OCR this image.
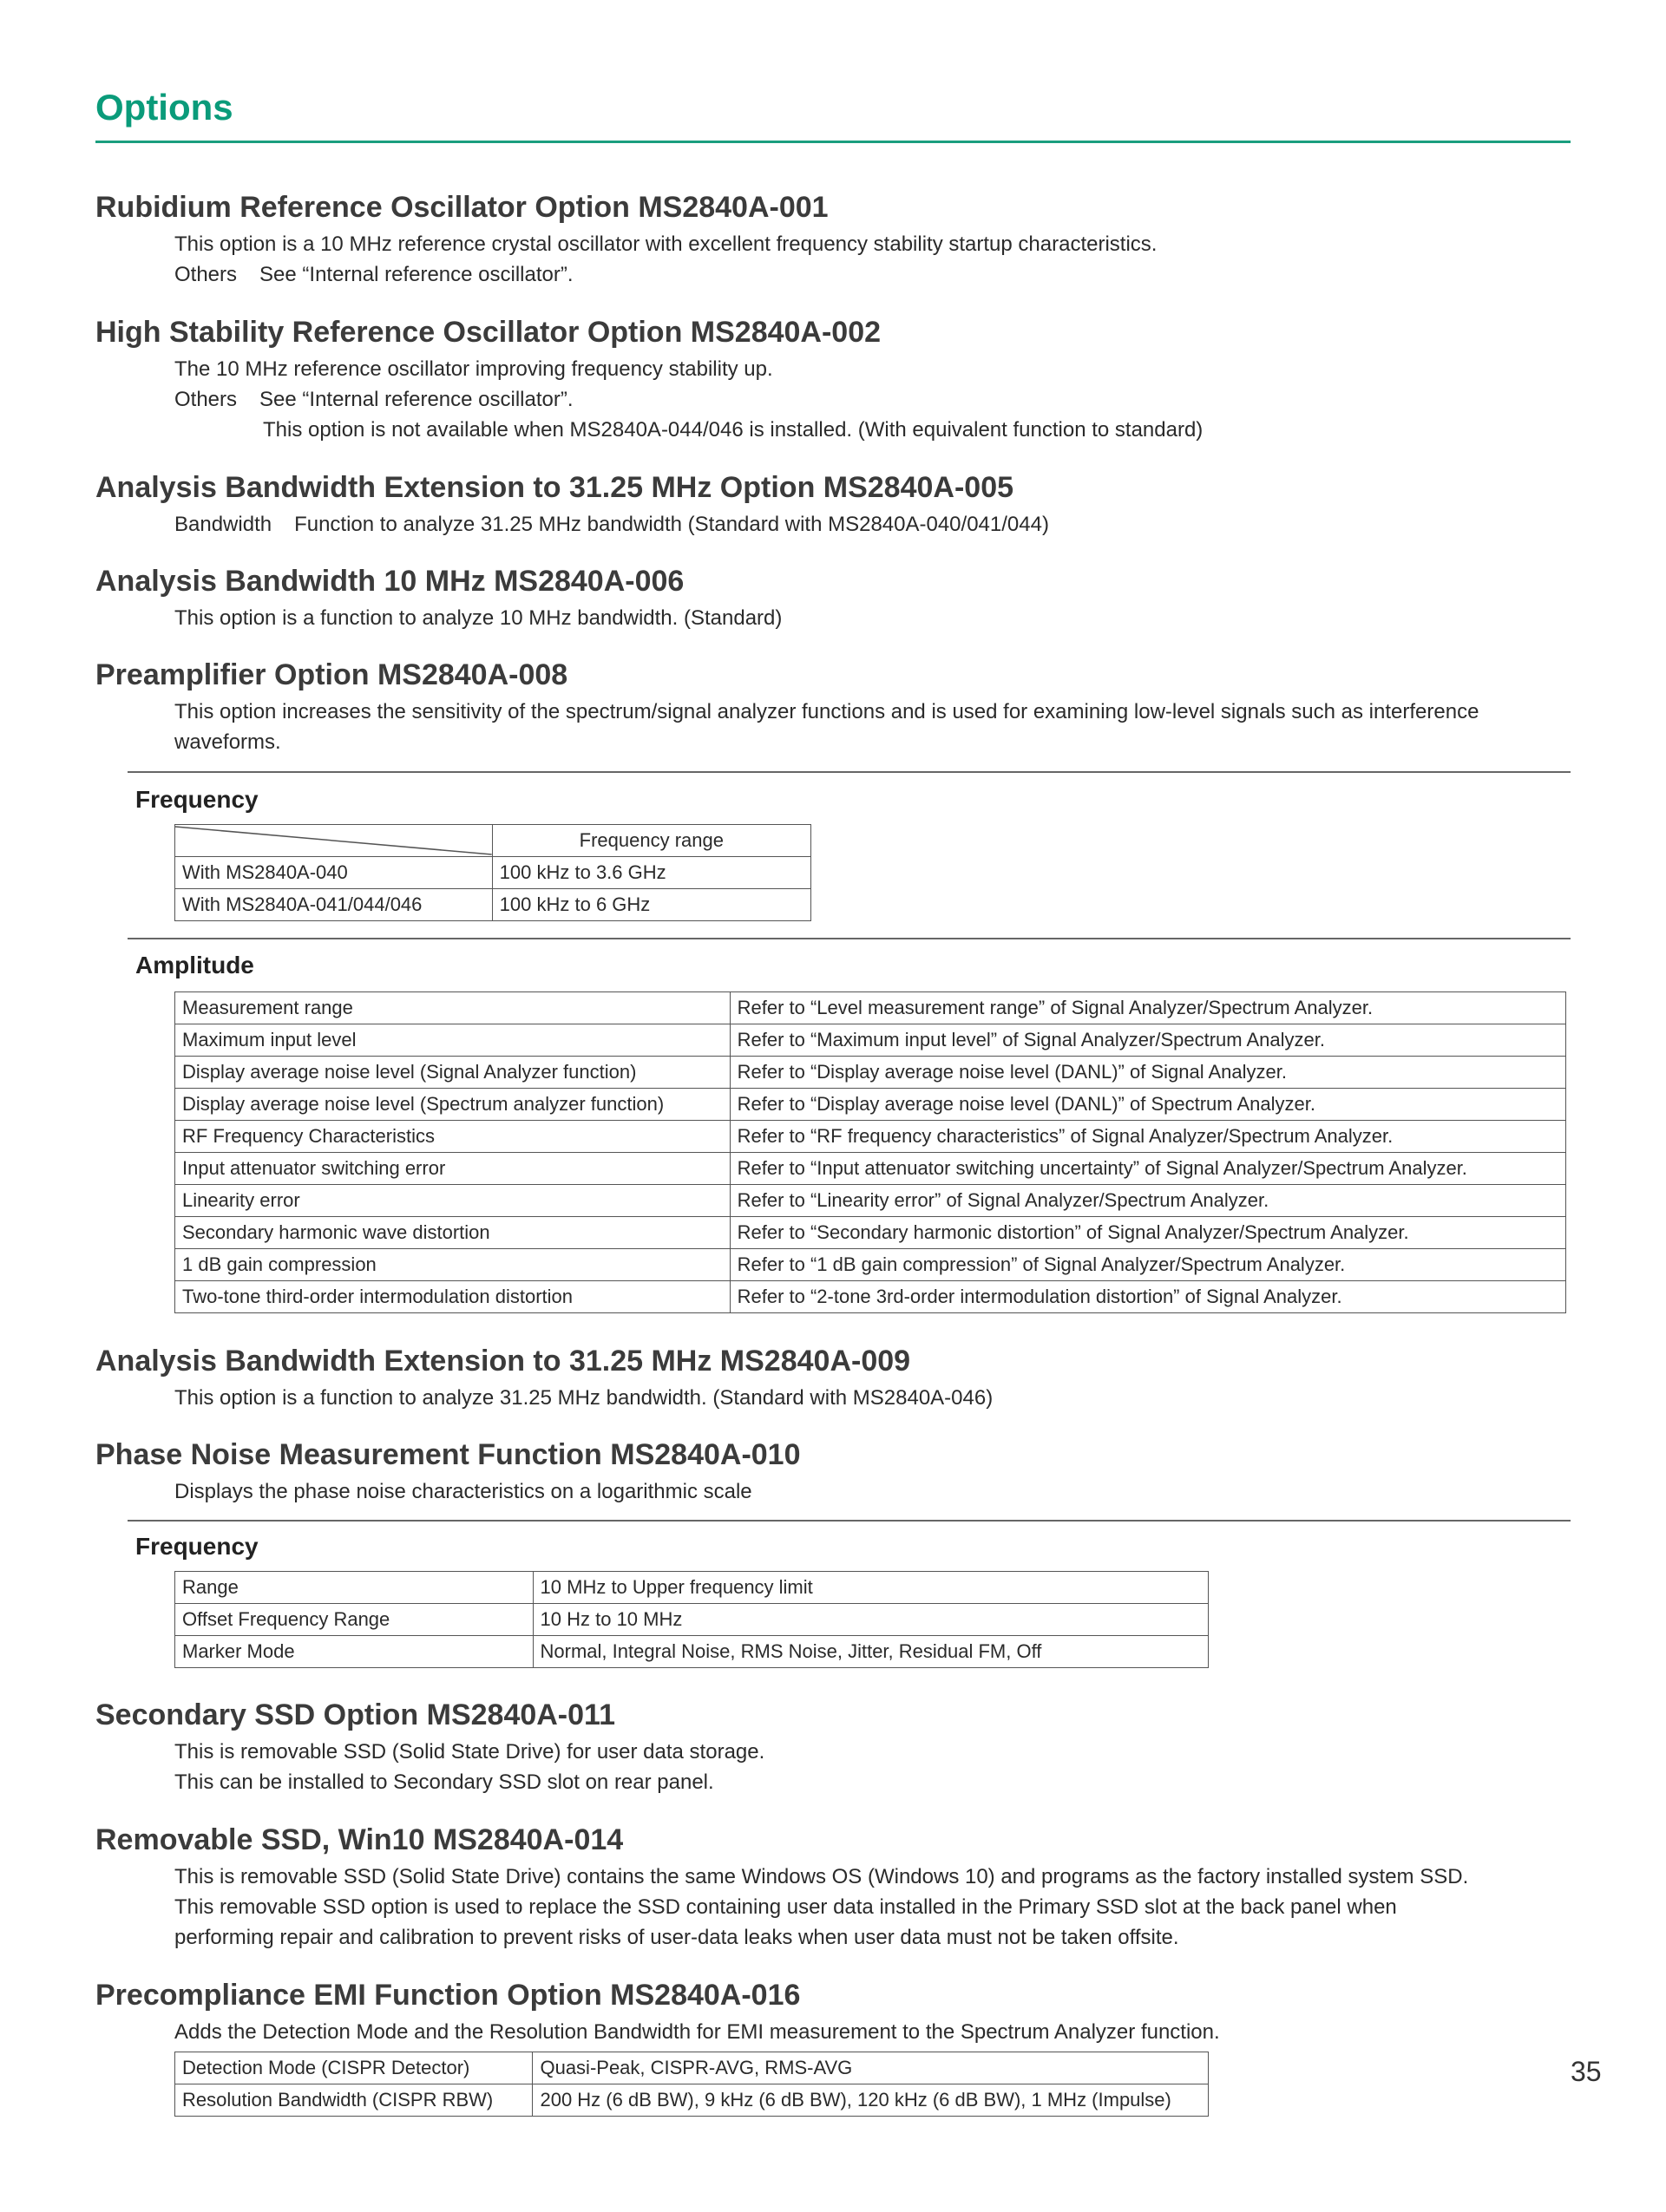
Options
Rubidium Reference Oscillator Option MS2840A-001
This option is a 10 MHz reference crystal oscillator with excellent frequency stability startup characteristics.
Others See “Internal reference oscillator”.
High Stability Reference Oscillator Option MS2840A-002
The 10 MHz reference oscillator improving frequency stability up.
Others See “Internal reference oscillator”.
This option is not available when MS2840A-044/046 is installed. (With equivalent function to standard)
Analysis Bandwidth Extension to 31.25 MHz Option MS2840A-005
Bandwidth Function to analyze 31.25 MHz bandwidth (Standard with MS2840A-040/041/044)
Analysis Bandwidth 10 MHz MS2840A-006
This option is a function to analyze 10 MHz bandwidth. (Standard)
Preamplifier Option MS2840A-008
This option increases the sensitivity of the spectrum/signal analyzer functions and is used for examining low-level signals such as interference
waveforms.
Frequency
	Frequency range
With MS2840A-040	100 kHz to 3.6 GHz
With MS2840A-041/044/046	100 kHz to 6 GHz
Amplitude
Measurement range	Refer to “Level measurement range” of Signal Analyzer/Spectrum Analyzer.
Maximum input level	Refer to “Maximum input level” of Signal Analyzer/Spectrum Analyzer.
Display average noise level (Signal Analyzer function)	Refer to “Display average noise level (DANL)” of Signal Analyzer.
Display average noise level (Spectrum analyzer function)	Refer to “Display average noise level (DANL)” of Spectrum Analyzer.
RF Frequency Characteristics	Refer to “RF frequency characteristics” of Signal Analyzer/Spectrum Analyzer.
Input attenuator switching error	Refer to “Input attenuator switching uncertainty” of Signal Analyzer/Spectrum Analyzer.
Linearity error	Refer to “Linearity error” of Signal Analyzer/Spectrum Analyzer.
Secondary harmonic wave distortion	Refer to “Secondary harmonic distortion” of Signal Analyzer/Spectrum Analyzer.
1 dB gain compression	Refer to “1 dB gain compression” of Signal Analyzer/Spectrum Analyzer.
Two-tone third-order intermodulation distortion	Refer to “2-tone 3rd-order intermodulation distortion” of Signal Analyzer.
Analysis Bandwidth Extension to 31.25 MHz MS2840A-009
This option is a function to analyze 31.25 MHz bandwidth. (Standard with MS2840A-046)
Phase Noise Measurement Function MS2840A-010
Displays the phase noise characteristics on a logarithmic scale
Frequency
Range	10 MHz to Upper frequency limit
Offset Frequency Range	10 Hz to 10 MHz
Marker Mode	Normal, Integral Noise, RMS Noise, Jitter, Residual FM, Off
Secondary SSD Option MS2840A-011
This is removable SSD (Solid State Drive) for user data storage.
This can be installed to Secondary SSD slot on rear panel.
Removable SSD, Win10 MS2840A-014
This is removable SSD (Solid State Drive) contains the same Windows OS (Windows 10) and programs as the factory installed system SSD.
This removable SSD option is used to replace the SSD containing user data installed in the Primary SSD slot at the back panel when
performing repair and calibration to prevent risks of user-data leaks when user data must not be taken offsite.
Precompliance EMI Function Option MS2840A-016
Adds the Detection Mode and the Resolution Bandwidth for EMI measurement to the Spectrum Analyzer function.
Detection Mode (CISPR Detector)	Quasi-Peak, CISPR-AVG, RMS-AVG
Resolution Bandwidth (CISPR RBW)	200 Hz (6 dB BW), 9 kHz (6 dB BW), 120 kHz (6 dB BW), 1 MHz (Impulse)
35
